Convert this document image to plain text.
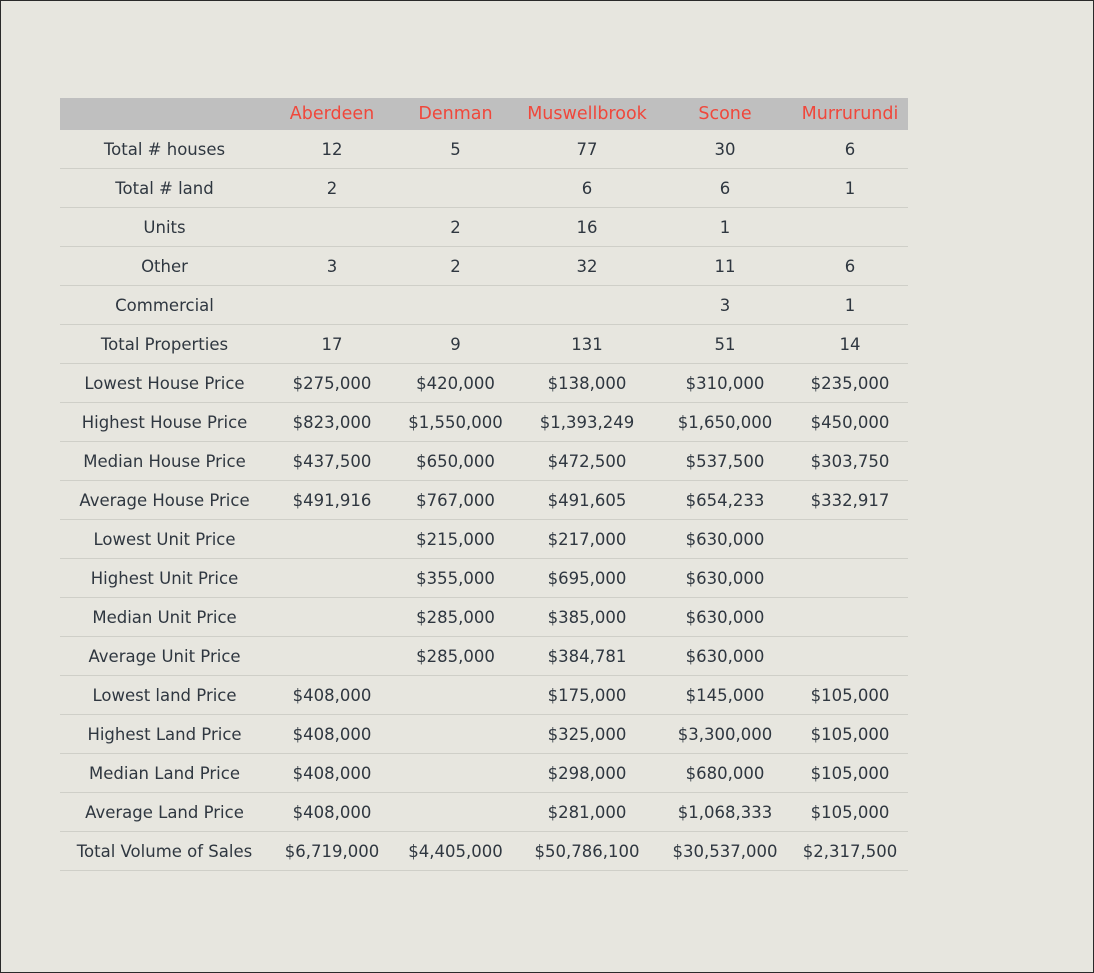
	Aberdeen	Denman	Muswellbrook	Scone	Murrurundi
Total # houses	12	5	77	30	6
Total # land	2		6	6	1
Units		2	16	1	
Other	3	2	32	11	6
Commercial				3	1
Total Properties	17	9	131	51	14
Lowest House Price	$275,000	$420,000	$138,000	$310,000	$235,000
Highest House Price	$823,000	$1,550,000	$1,393,249	$1,650,000	$450,000
Median House Price	$437,500	$650,000	$472,500	$537,500	$303,750
Average House Price	$491,916	$767,000	$491,605	$654,233	$332,917
Lowest Unit Price		$215,000	$217,000	$630,000	
Highest Unit Price		$355,000	$695,000	$630,000	
Median Unit Price		$285,000	$385,000	$630,000	
Average Unit Price		$285,000	$384,781	$630,000	
Lowest land Price	$408,000		$175,000	$145,000	$105,000
Highest Land Price	$408,000		$325,000	$3,300,000	$105,000
Median Land Price	$408,000		$298,000	$680,000	$105,000
Average Land Price	$408,000		$281,000	$1,068,333	$105,000
Total Volume of Sales	$6,719,000	$4,405,000	$50,786,100	$30,537,000	$2,317,500
